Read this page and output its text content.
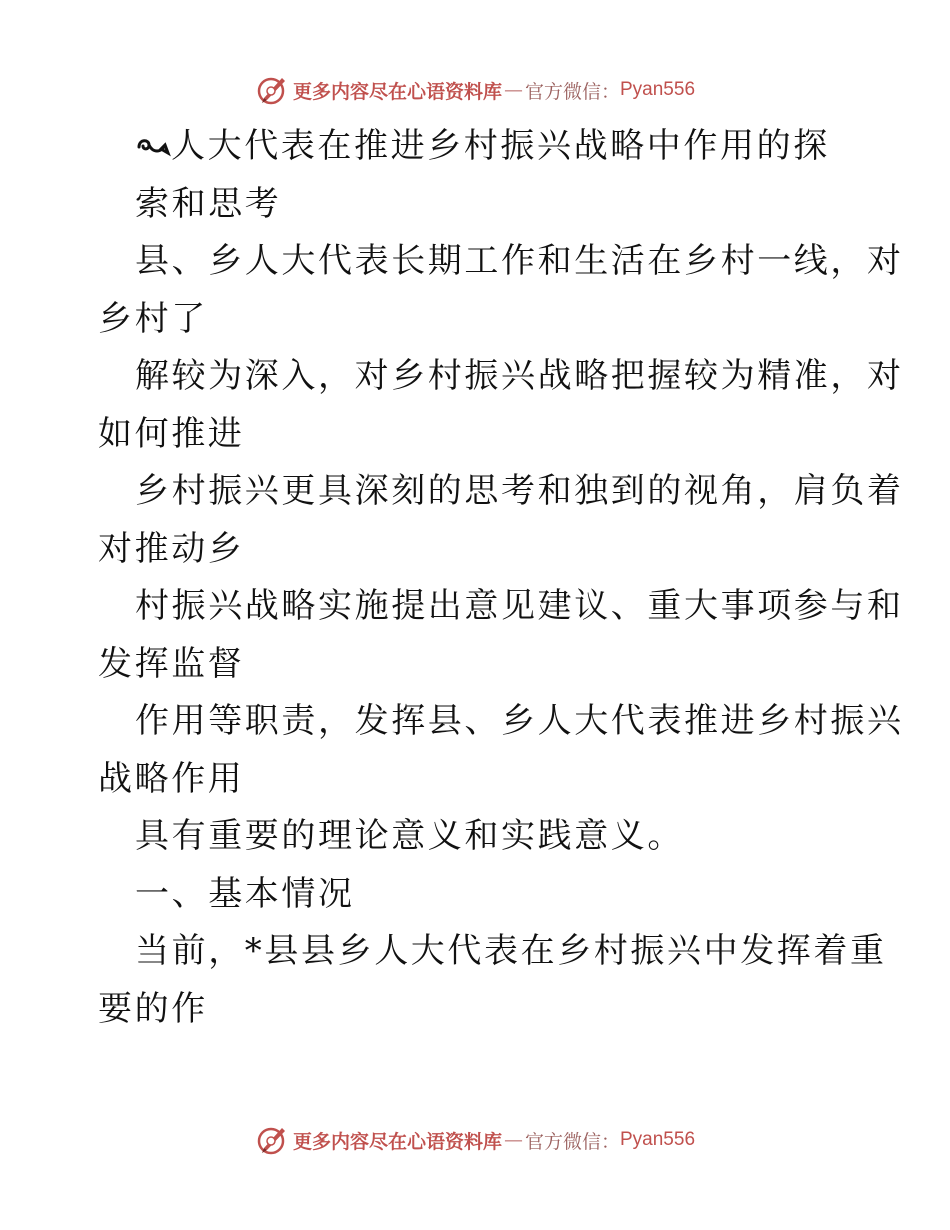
更多内容尽在心语资料库 — 官方微信： Pyan556
人大代表在推进乡村振兴战略中作用的探
索和思考
县、乡人大代表长期工作和生活在乡村一线，对
乡村了
解较为深入，对乡村振兴战略把握较为精准，对
如何推进
乡村振兴更具深刻的思考和独到的视角，肩负着
对推动乡
村振兴战略实施提出意见建议、重大事项参与和
发挥监督
作用等职责，发挥县、乡人大代表推进乡村振兴
战略作用
具有重要的理论意义和实践意义。
一、基本情况
当前，*县县乡人大代表在乡村振兴中发挥着重
要的作
更多内容尽在心语资料库 — 官方微信： Pyan556
